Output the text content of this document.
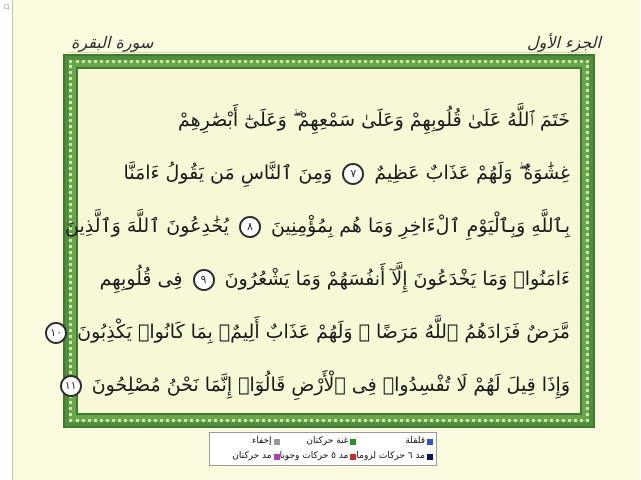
▫
سورة البقرة	الجزء الأول
خَتَمَ ٱللَّهُ عَلَىٰ قُلُوبِهِمْ وَعَلَىٰ سَمْعِهِمْ ۖ وَعَلَىٰٓ أَبْصَٰرِهِمْ
غِشَٰوَةٌ ۖ وَلَهُمْ عَذَابٌ عَظِيمٌ ٧ وَمِنَ ٱلنَّاسِ مَن يَقُولُ ءَامَنَّا
بِٱللَّهِ وَبِٱلْيَوْمِ ٱلْءَاخِرِ وَمَا هُم بِمُؤْمِنِينَ ٨ يُخَٰدِعُونَ ٱللَّهَ وَٱلَّذِينَ
ءَامَنُوا۟ وَمَا يَخْدَعُونَ إِلَّآ أَنفُسَهُمْ وَمَا يَشْعُرُونَ ٩ فِى قُلُوبِهِم
مَّرَضٌ فَزَادَهُمُ ٱللَّهُ مَرَضًا ۖ وَلَهُمْ عَذَابٌ أَلِيمٌۢ بِمَا كَانُوا۟ يَكْذِبُونَ ١٠
وَإِذَا قِيلَ لَهُمْ لَا تُفْسِدُوا۟ فِى ٱلْأَرْضِ قَالُوٓا۟ إِنَّمَا نَحْنُ مُصْلِحُونَ ١١
قلقلة
غنة حركتان
إخفاء
مد ٦ حركات لزوما
مد ٥ حركات وجوبا
مد حركتان
